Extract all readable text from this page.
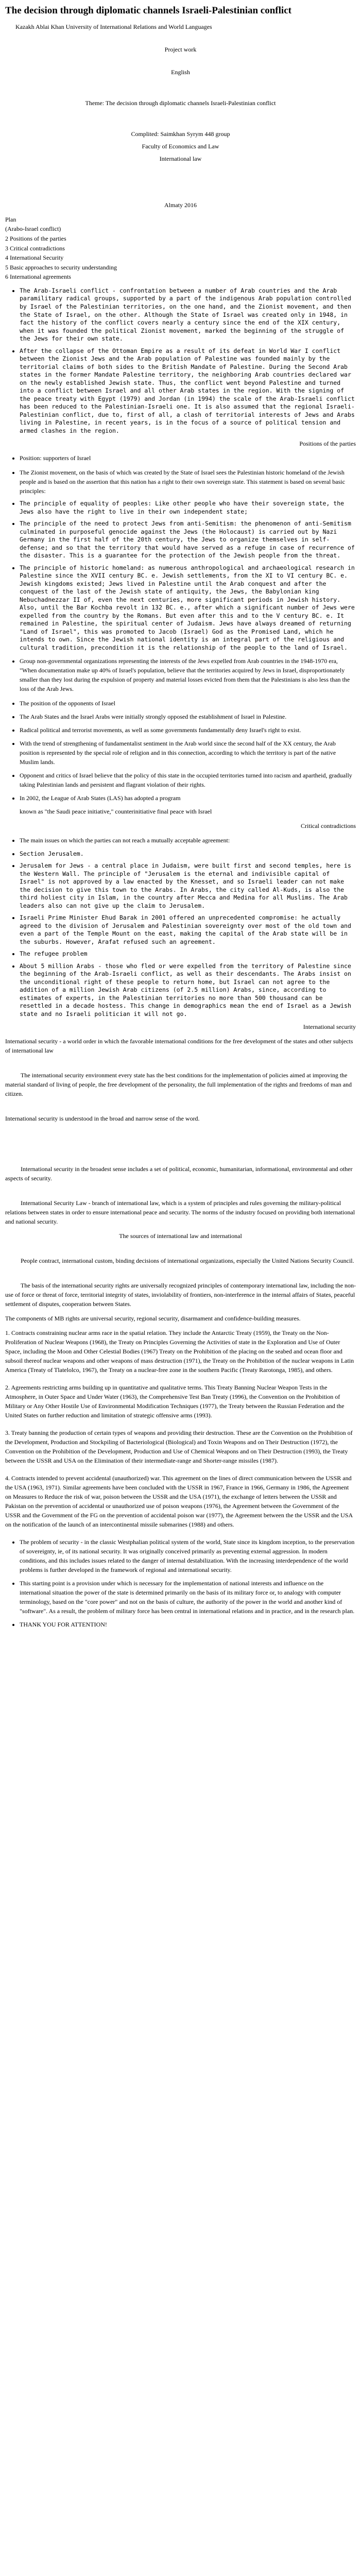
The decision through diplomatic channels Israeli-Palestinian conflict
Kazakh Ablai Khan University of International Relations and World Languages
Project work
English
Theme: The decision through diplomatic channels Israeli-Palestinian conflict
Complited: Saimkhan Syrym 448 group
Faculty of Economics and Law
International law
Almaty 2016
Plan
(Arabo-Israel conflict)
2 Positions of the parties
3 Critical contradictions
4 International Security
5 Basic approaches to security understanding
6 International agreements
• The Arab-Israeli conflict - confrontation between a number of Arab countries and the Arab paramilitary radical groups, supported by a part of the indigenous Arab population controlled by Israel of the Palestinian territories, on the one hand, and the Zionist movement, and then the State of Israel, on the other. Although the State of Israel was created only in 1948, in fact the history of the conflict covers nearly a century since the end of the XIX century, when it was founded the political Zionist movement, marked the beginning of the struggle of the Jews for their own state.
• After the collapse of the Ottoman Empire as a result of its defeat in World War I conflict between the Zionist Jews and the Arab population of Palestine was founded mainly by the territorial claims of both sides to the British Mandate of Palestine. During the Second Arab states in the former Mandate Palestine territory, the neighboring Arab countries declared war on the newly established Jewish state. Thus, the conflict went beyond Palestine and turned into a conflict between Israel and all other Arab states in the region. With the signing of the peace treaty with Egypt (1979) and Jordan (in 1994) the scale of the Arab-Israeli conflict has been reduced to the Palestinian-Israeli one. It is also assumed that the regional Israeli-Palestinian conflict, due to, first of all, a clash of territorial interests of Jews and Arabs living in Palestine, in recent years, is in the focus of a source of political tension and armed clashes in the region.
Positions of the parties
• Position: supporters of Israel
• The Zionist movement, on the basis of which was created by the State of Israel sees the Palestinian historic homeland of the Jewish people and is based on the assertion that this nation has a right to their own sovereign state. This statement is based on several basic principles:
• The principle of equality of peoples: Like other people who have their sovereign state, the Jews also have the right to live in their own independent state;
• The principle of the need to protect Jews from anti-Semitism: the phenomenon of anti-Semitism culminated in purposeful genocide against the Jews (the Holocaust) is carried out by Nazi Germany in the first half of the 20th century, the Jews to organize themselves in self-defense; and so that the territory that would have served as a refuge in case of recurrence of the disaster. This is a guarantee for the protection of the Jewish people from the threat.
• The principle of historic homeland: as numerous anthropological and archaeological research in Palestine since the XVII century BC. e. Jewish settlements, from the XI to VI century BC. e. Jewish kingdoms existed; Jews lived in Palestine until the Arab conquest and after the conquest of the last of the Jewish state of antiquity, the Jews, the Babylonian king Nebuchadnezzar II of, even the next centuries, more significant periods in Jewish history. Also, until the Bar Kochba revolt in 132 BC. e., after which a significant number of Jews were expelled from the country by the Romans. But even after this and to the V century BC. e. It remained in Palestine, the spiritual center of Judaism. Jews have always dreamed of returning "Land of Israel", this was promoted to Jacob (Israel) God as the Promised Land, which he intends to own. Since the Jewish national identity is an integral part of the religious and cultural tradition, precondition it is the relationship of the people to the land of Israel.
• Group non-governmental organizations representing the interests of the Jews expelled from Arab countries in the 1948-1970 era, "When documentation make up 40% of Israel's population, believe that the territories acquired by Jews in Israel, disproportionately smaller than they lost during the expulsion of property and material losses evicted from them that the Palestinians is also less than the loss of the Arab Jews.
• The position of the opponents of Israel
• The Arab States and the Israel Arabs were initially strongly opposed the establishment of Israel in Palestine.
• Radical political and terrorist movements, as well as some governments fundamentally deny Israel's right to exist.
• With the trend of strengthening of fundamentalist sentiment in the Arab world since the second half of the XX century, the Arab position is represented by the special role of religion and in this connection, according to which the territory is part of the native Muslim lands.
• Opponent and critics of Israel believe that the policy of this state in the occupied territories turned into racism and apartheid, gradually taking Palestinian lands and persistent and flagrant violation of their rights.
• In 2002, the League of Arab States (LAS) has adopted a program

known as "the Saudi peace initiative," counterinitiative final peace with Israel

Critical contradictions
• The main issues on which the parties can not reach a mutually acceptable agreement:
• Section Jerusalem.
• Jerusalem for Jews - a central place in Judaism, were built first and second temples, here is the Western Wall. The principle of "Jerusalem is the eternal and indivisible capital of Israel" is not approved by a law enacted by the Knesset, and so Israeli leader can not make the decision to give this town to the Arabs. In Arabs, the city called Al-Kuds, is also the third holiest city in Islam, in the country after Mecca and Medina for all Muslims. The Arab leaders also can not give up the claim to Jerusalem.
• Israeli Prime Minister Ehud Barak in 2001 offered an unprecedented compromise: he actually agreed to the division of Jerusalem and Palestinian sovereignty over most of the old town and even a part of the Temple Mount on the east, making the capital of the Arab state will be in the suburbs. However, Arafat refused such an agreement.
• The refugee problem
• About 5 million Arabs - those who fled or were expelled from the territory of Palestine since the beginning of the Arab-Israeli conflict, as well as their descendants. The Arabs insist on the unconditional right of these people to return home, but Israel can not agree to the addition of a million Jewish Arab citizens (of 2.5 million) Arabs, since, according to estimates of experts, in the Palestinian territories no more than 500 thousand can be resettled in a decade hostess. This change in demographics mean the end of Israel as a Jewish state and no Israeli politician it will not go.
International security

International security - a world order in which the favorable international conditions for the free development of the states and other subjects of international law

The international security environment every state has the best conditions for the implementation of policies aimed at improving the material standard of living of people, the free development of the personality, the full implementation of the rights and freedoms of man and citizen.

International security is understood in the broad and narrow sense of the word.

International security in the broadest sense includes a set of political, economic, humanitarian, informational, environmental and other aspects of security.

International Security Law - branch of international law, which is a system of principles and rules governing the military-political relations between states in order to ensure international peace and security. The norms of the industry focused on providing both international and national security.

The sources of international law and international

People contract, international custom, binding decisions of international organizations, especially the United Nations Security Council.

The basis of the international security rights are universally recognized principles of contemporary international law, including the non-use of force or threat of force, territorial integrity of states, inviolability of frontiers, non-interference in the internal affairs of States, peaceful settlement of disputes, cooperation between States.

The components of MB rights are universal security, regional security, disarmament and confidence-building measures.

1. Contracts constraining nuclear arms race in the spatial relation. They include the Antarctic Treaty (1959), the Treaty on the Non-Proliferation of Nuclear Weapons (1968), the Treaty on Principles Governing the Activities of state in the Exploration and Use of Outer Space, including the Moon and Other Celestial Bodies (1967) Treaty on the Prohibition of the placing on the seabed and ocean floor and subsoil thereof nuclear weapons and other weapons of mass destruction (1971), the Treaty on the Prohibition of the nuclear weapons in Latin America (Treaty of Tlatelolco, 1967), the Treaty on a nuclear-free zone in the southern Pacific (Treaty Rarotonga, 1985), and others.

2. Agreements restricting arms building up in quantitative and qualitative terms. This Treaty Banning Nuclear Weapon Tests in the Atmosphere, in Outer Space and Under Water (1963), the Comprehensive Test Ban Treaty (1996), the Convention on the Prohibition of Military or Any Other Hostile Use of Environmental Modification Techniques (1977), the Treaty between the Russian Federation and the United States on further reduction and limitation of strategic offensive arms (1993).

3. Treaty banning the production of certain types of weapons and providing their destruction. These are the Convention on the Prohibition of the Development, Production and Stockpiling of Bacteriological (Biological) and Toxin Weapons and on Their Destruction (1972), the Convention on the Prohibition of the Development, Production and Use of Chemical Weapons and on Their Destruction (1993), the Treaty between the USSR and USA on the Elimination of their intermediate-range and Shorter-range missiles (1987).

4. Contracts intended to prevent accidental (unauthorized) war. This agreement on the lines of direct communication between the USSR and the USA (1963, 1971). Similar agreements have been concluded with the USSR in 1967, France in 1966, Germany in 1986, the Agreement on Measures to Reduce the risk of war, poison between the USSR and the USA (1971), the exchange of letters between the USSR and Pakistan on the prevention of accidental or unauthorized use of poison weapons (1976), the Agreement between the Government of the USSR and the Government of the FG on the prevention of accidental poison war (1977), the Agreement between the the USSR and the USA on the notification of the launch of an intercontinental missile submarines (1988) and others.

• The problem of security - in the classic Westphalian political system of the world, State since its kingdom inception, to the preservation of sovereignty, ie, of its national security. It was originally conceived primarily as preventing external aggression. In modern conditions, and this includes issues related to the danger of internal destabilization. With the increasing interdependence of the world problems is further developed in the framework of regional and international security.
• This starting point is a provision under which is necessary for the implementation of national interests and influence on the international situation the power of the state is determined primarily on the basis of its military force or, to analogy with computer terminology, based on the "core power" and not on the basis of culture, the authority of the power in the world and another kind of "software". As a result, the problem of military force has been central in international relations and in practice, and in the research plan.
• THANK YOU FOR ATTENTION!
